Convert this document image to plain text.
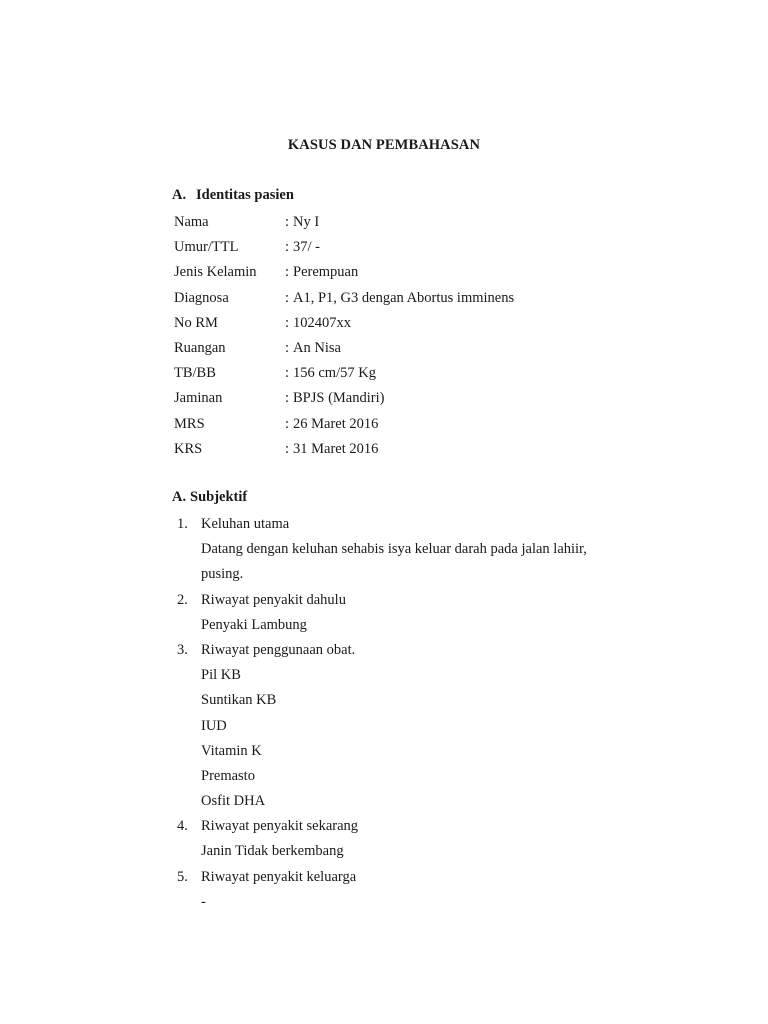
KASUS DAN PEMBAHASAN
A. Identitas pasien
Nama	: Ny I
Umur/TTL	: 37/ -
Jenis Kelamin	: Perempuan
Diagnosa	: A1, P1, G3 dengan Abortus imminens
No RM	: 102407xx
Ruangan	: An Nisa
TB/BB	: 156 cm/57 Kg
Jaminan	: BPJS (Mandiri)
MRS	: 26 Maret 2016
KRS	: 31 Maret 2016
A. Subjektif
1. Keluhan utama
Datang dengan keluhan sehabis isya keluar darah pada jalan lahiir,
pusing.
2. Riwayat penyakit dahulu
Penyaki Lambung
3. Riwayat penggunaan obat.
Pil KB
Suntikan KB
IUD
Vitamin K
Premasto
Osfit DHA
4. Riwayat penyakit sekarang
Janin Tidak berkembang
5. Riwayat penyakit keluarga
-
